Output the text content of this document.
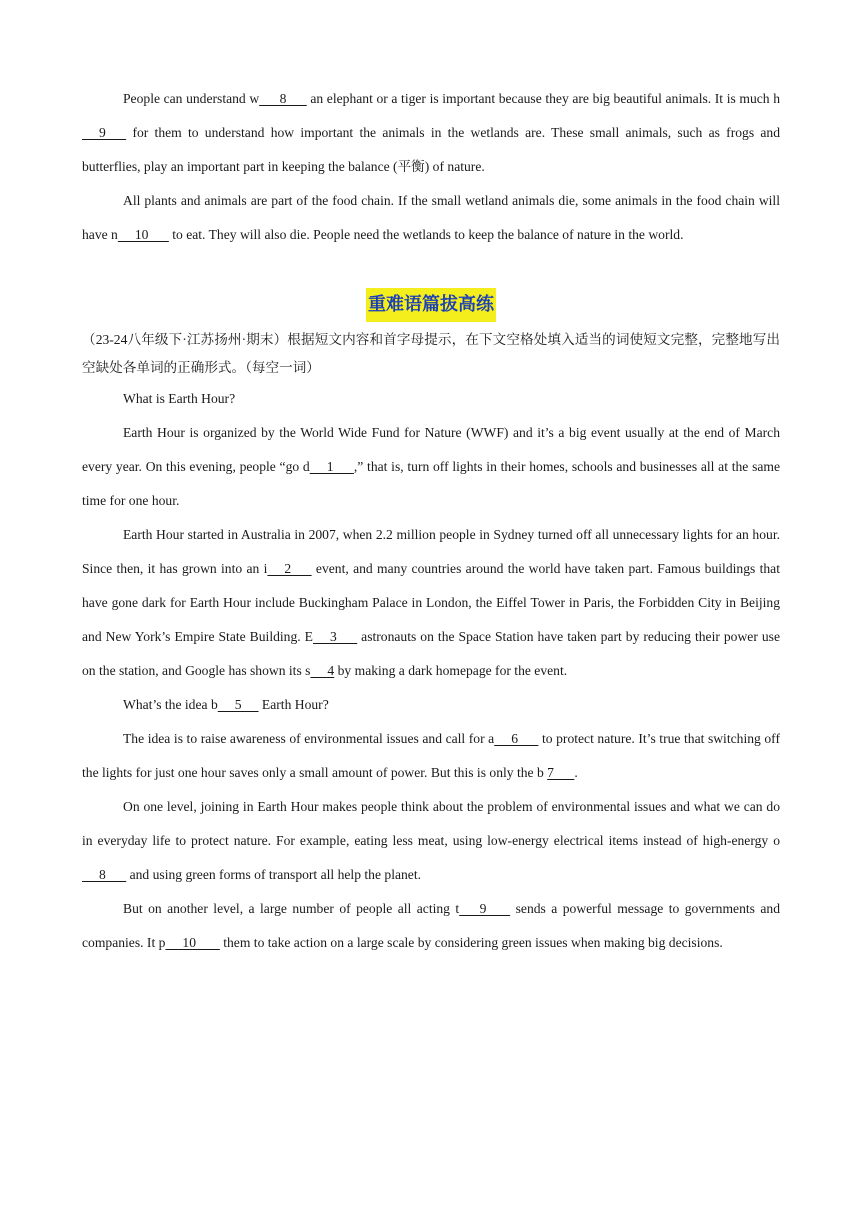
People can understand w      8       an elephant or a tiger is important because they are big beautiful animals. It is much h     9       for them to understand how important the animals in the wetlands are. These small animals, such as frogs and butterflies, play an important part in keeping the balance (平衡) of nature.

All plants and animals are part of the food chain. If the small wetland animals die, some animals in the food chain will have n     10       to eat. They will also die. People need the wetlands to keep the balance of nature in the world.

重难语篇拔高练

（23-24八年级下·江苏扬州·期末）根据短文内容和首字母提示，在下文空格处填入适当的词使短文完整，完整地写出空缺处各单词的正确形式。（每空一词）

What is Earth Hour?

Earth Hour is organized by the World Wide Fund for Nature (WWF) and it’s a big event usually at the end of March every year. On this evening, people “go d     1      ,” that is, turn off lights in their homes, schools and businesses all at the same time for one hour.

Earth Hour started in Australia in 2007, when 2.2 million people in Sydney turned off all unnecessary lights for an hour. Since then, it has grown into an i     2       event, and many countries around the world have taken part. Famous buildings that have gone dark for Earth Hour include Buckingham Palace in London, the Eiffel Tower in Paris, the Forbidden City in Beijing and New York’s Empire State Building. E     3       astronauts on the Space Station have taken part by reducing their power use on the station, and Google has shown its s     4 by making a dark homepage for the event.

What’s the idea b     5      Earth Hour?

The idea is to raise awareness of environmental issues and call for a     6       to protect nature. It’s true that switching off the lights for just one hour saves only a small amount of power. But this is only the b 7      .

On one level, joining in Earth Hour makes people think about the problem of environmental issues and what we can do in everyday life to protect nature. For example, eating less meat, using low-energy electrical items instead of high-energy o     8       and using green forms of transport all help the planet.

But on another level, a large number of people all acting t      9        sends a powerful message to governments and companies. It p     10        them to take action on a large scale by considering green issues when making big decisions.
